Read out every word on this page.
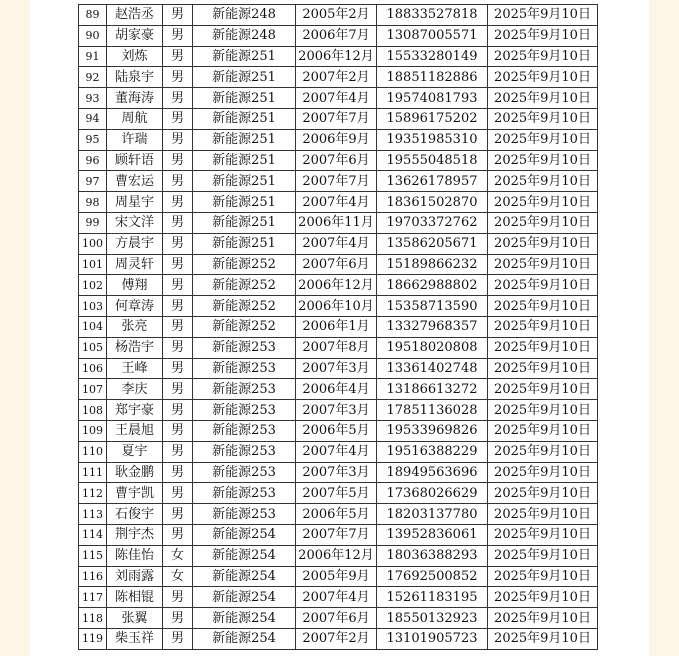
89	赵浩丞	男	新能源248	2005年2月	18833527818	2025年9月10日
90	胡家豪	男	新能源248	2006年7月	13087005571	2025年9月10日
91	刘炼	男	新能源251	2006年12月	15533280149	2025年9月10日
92	陆泉宇	男	新能源251	2007年2月	18851182886	2025年9月10日
93	董海涛	男	新能源251	2007年4月	19574081793	2025年9月10日
94	周航	男	新能源251	2007年7月	15896175202	2025年9月10日
95	许瑞	男	新能源251	2006年9月	19351985310	2025年9月10日
96	顾轩语	男	新能源251	2007年6月	19555048518	2025年9月10日
97	曹宏运	男	新能源251	2007年7月	13626178957	2025年9月10日
98	周星宇	男	新能源251	2007年4月	18361502870	2025年9月10日
99	宋文洋	男	新能源251	2006年11月	19703372762	2025年9月10日
100	方晨宇	男	新能源251	2007年4月	13586205671	2025年9月10日
101	周灵轩	男	新能源252	2007年6月	15189866232	2025年9月10日
102	傅翔	男	新能源252	2006年12月	18662988802	2025年9月10日
103	何章涛	男	新能源252	2006年10月	15358713590	2025年9月10日
104	张亮	男	新能源252	2006年1月	13327968357	2025年9月10日
105	杨浩宇	男	新能源253	2007年8月	19518020808	2025年9月10日
106	王峰	男	新能源253	2007年3月	13361402748	2025年9月10日
107	李庆	男	新能源253	2006年4月	13186613272	2025年9月10日
108	郑宇豪	男	新能源253	2007年3月	17851136028	2025年9月10日
109	王晨旭	男	新能源253	2006年5月	19533969826	2025年9月10日
110	夏宇	男	新能源253	2007年4月	19516388229	2025年9月10日
111	耿金鹏	男	新能源253	2007年3月	18949563696	2025年9月10日
112	曹宇凯	男	新能源253	2007年5月	17368026629	2025年9月10日
113	石俊宇	男	新能源253	2006年5月	18203137780	2025年9月10日
114	荆宇杰	男	新能源254	2007年7月	13952836061	2025年9月10日
115	陈佳怡	女	新能源254	2006年12月	18036388293	2025年9月10日
116	刘雨露	女	新能源254	2005年9月	17692500852	2025年9月10日
117	陈相锟	男	新能源254	2007年4月	15261183195	2025年9月10日
118	张翼	男	新能源254	2007年6月	18550132923	2025年9月10日
119	柴玉祥	男	新能源254	2007年2月	13101905723	2025年9月10日
